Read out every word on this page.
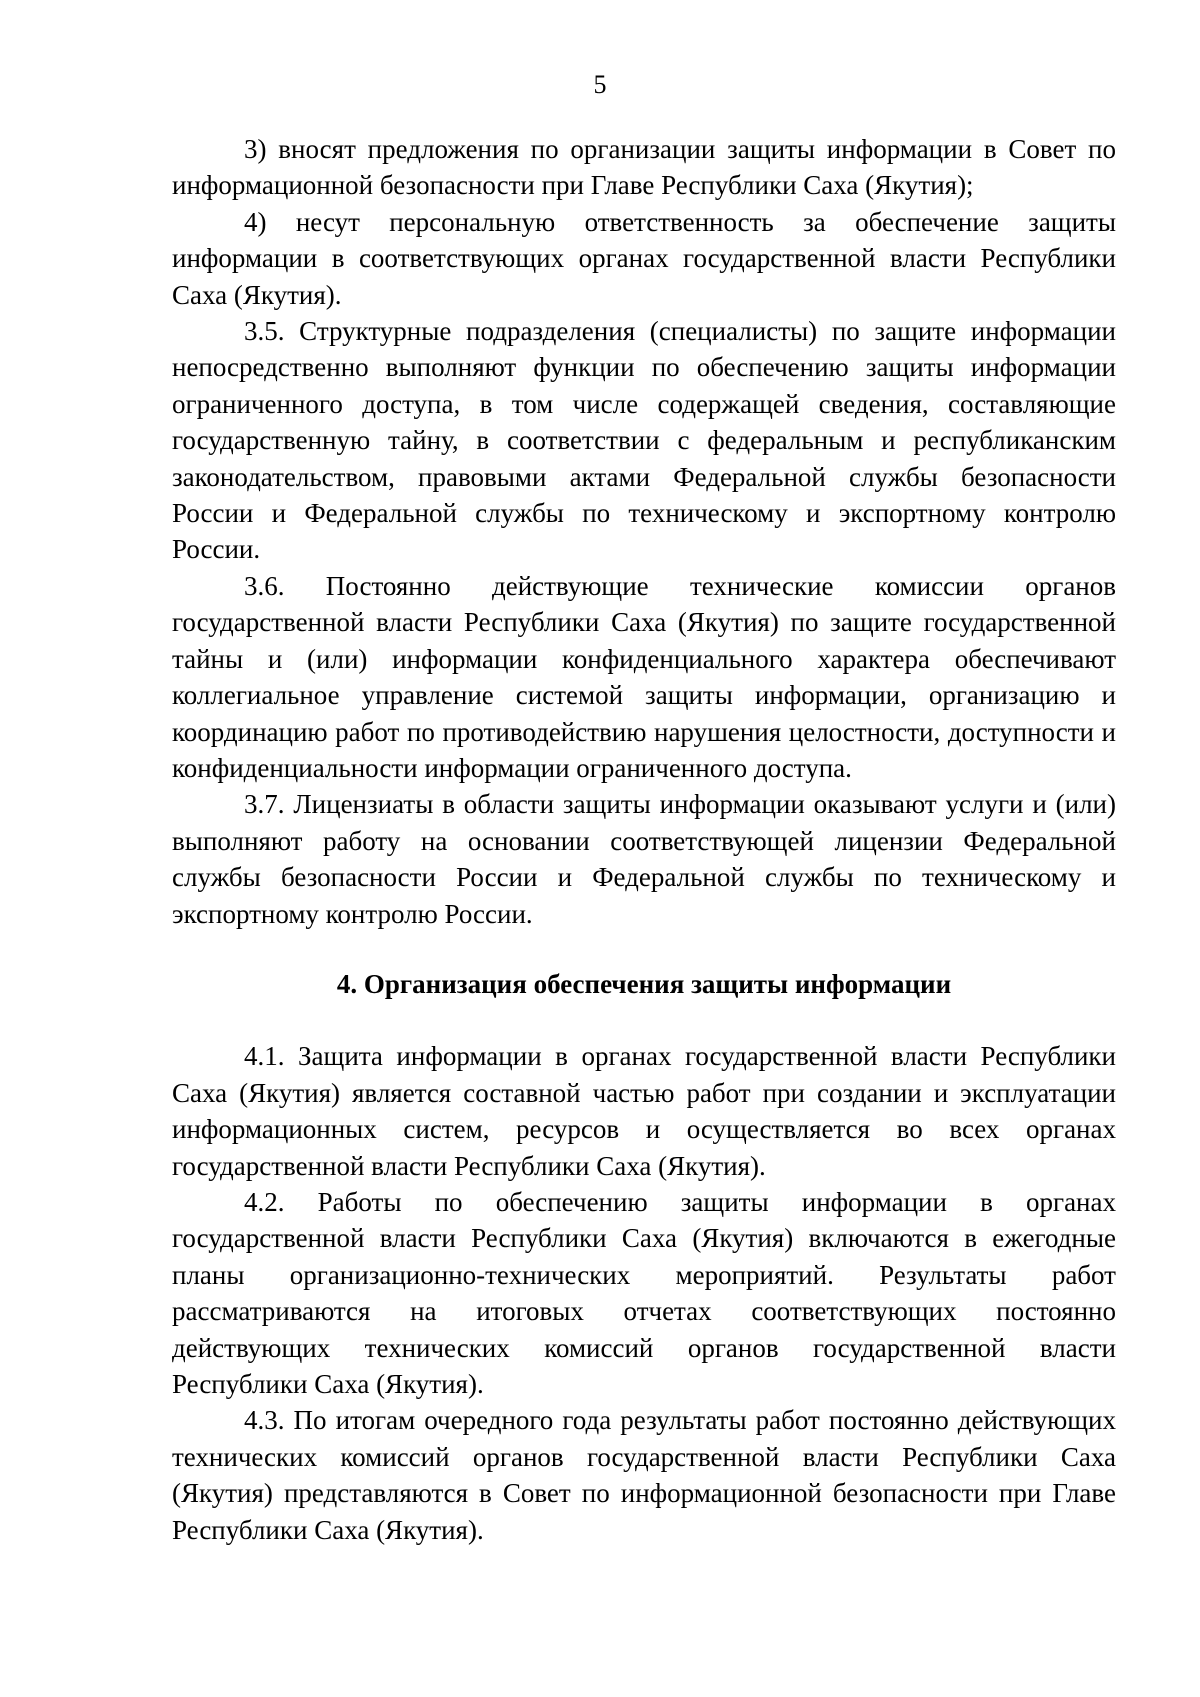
5

3) вносят предложения по организации защиты информации в Совет по информационной безопасности при Главе Республики Саха (Якутия);

4) несут персональную ответственность за обеспечение защиты информации в соответствующих органах государственной власти Республики Саха (Якутия).

3.5. Структурные подразделения (специалисты) по защите информации непосредственно выполняют функции по обеспечению защиты информации ограниченного доступа, в том числе содержащей сведения, составляющие государственную тайну, в соответствии с федеральным и республиканским законодательством, правовыми актами Федеральной службы безопасности России и Федеральной службы по техническому и экспортному контролю России.

3.6. Постоянно действующие технические комиссии органов государственной власти Республики Саха (Якутия) по защите государственной тайны и (или) информации конфиденциального характера обеспечивают коллегиальное управление системой защиты информации, организацию и координацию работ по противодействию нарушения целостности, доступности и конфиденциальности информации ограниченного доступа.

3.7. Лицензиаты в области защиты информации оказывают услуги и (или) выполняют работу на основании соответствующей лицензии Федеральной службы безопасности России и Федеральной службы по техническому и экспортному контролю России.

4. Организация обеспечения защиты информации

4.1. Защита информации в органах государственной власти Республики Саха (Якутия) является составной частью работ при создании и эксплуатации информационных систем, ресурсов и осуществляется во всех органах государственной власти Республики Саха (Якутия).

4.2. Работы по обеспечению защиты информации в органах государственной власти Республики Саха (Якутия) включаются в ежегодные планы организационно-технических мероприятий. Результаты работ рассматриваются на итоговых отчетах соответствующих постоянно действующих технических комиссий органов государственной власти Республики Саха (Якутия).

4.3. По итогам очередного года результаты работ постоянно действующих технических комиссий органов государственной власти Республики Саха (Якутия) представляются в Совет по информационной безопасности при Главе Республики Саха (Якутия).
